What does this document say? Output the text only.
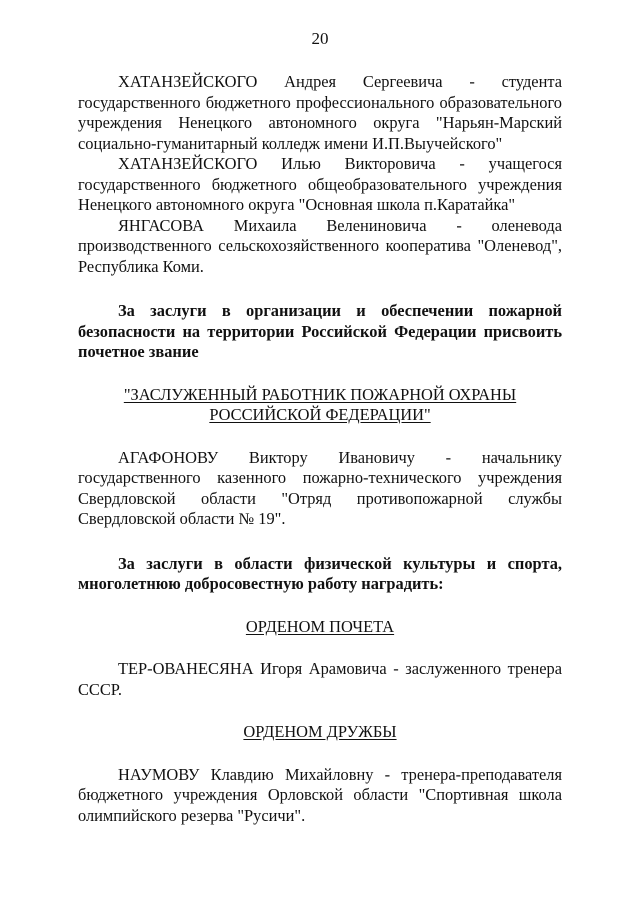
20

ХАТАНЗЕЙСКОГО Андрея Сергеевича - студента государственного бюджетного профессионального образовательного учреждения Ненецкого автономного округа "Нарьян-Марский социально-гуманитарный колледж имени И.П.Выучейского"

ХАТАНЗЕЙСКОГО Илью Викторовича - учащегося государственного бюджетного общеобразовательного учреждения Ненецкого автономного округа "Основная школа п.Каратайка"

ЯНГАСОВА Михаила Велениновича - оленевода производственного сельскохозяйственного кооператива "Оленевод", Республика Коми.

За заслуги в организации и обеспечении пожарной безопасности на территории Российской Федерации присвоить почетное звание

"ЗАСЛУЖЕННЫЙ РАБОТНИК ПОЖАРНОЙ ОХРАНЫ

РОССИЙСКОЙ ФЕДЕРАЦИИ"

АГАФОНОВУ Виктору Ивановичу - начальнику государственного казенного пожарно-технического учреждения Свердловской области "Отряд противопожарной службы Свердловской области № 19".

За заслуги в области физической культуры и спорта, многолетнюю добросовестную работу наградить:

ОРДЕНОМ ПОЧЕТА

ТЕР-ОВАНЕСЯНА Игоря Арамовича - заслуженного тренера СССР.

ОРДЕНОМ ДРУЖБЫ

НАУМОВУ Клавдию Михайловну - тренера-преподавателя бюджетного учреждения Орловской области "Спортивная школа олимпийского резерва "Русичи".
